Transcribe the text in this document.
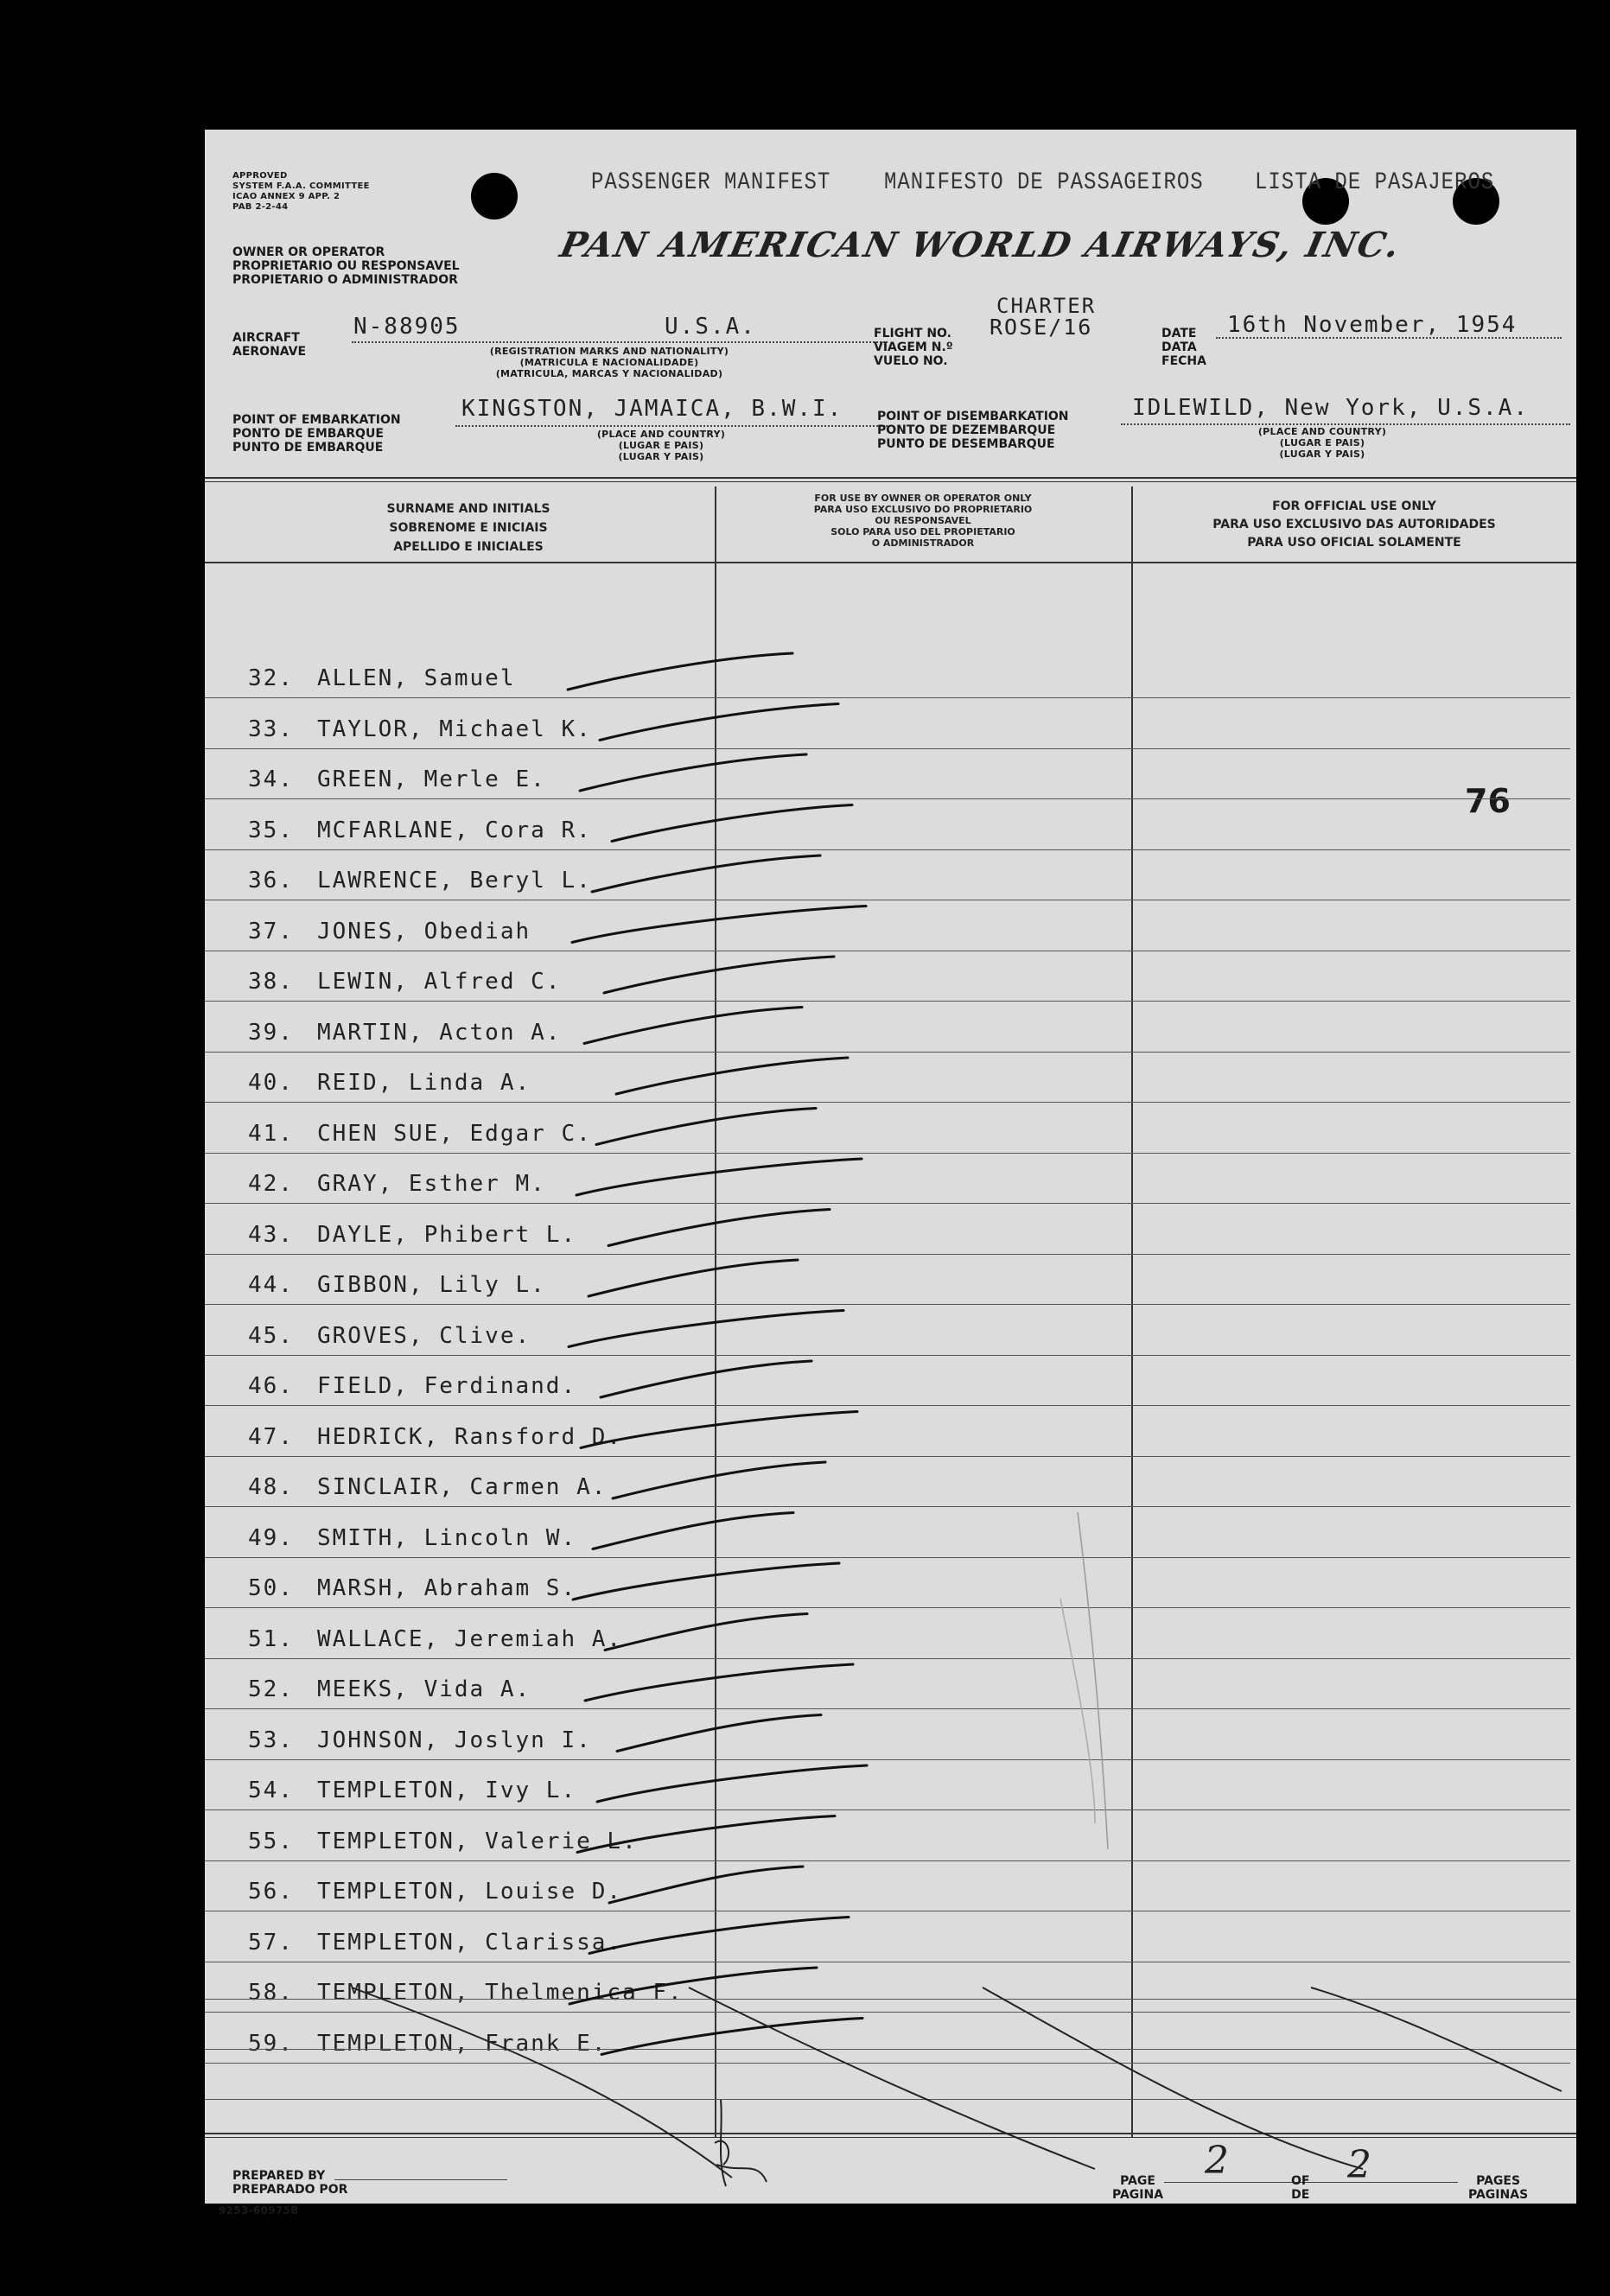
APPROVED
SYSTEM F.A.A. COMMITTEE
ICAO ANNEX 9 APP. 2
PAB 2-2-44
PASSENGER MANIFEST	MANIFESTO DE PASSAGEIROS LISTA DE PASAJEROS
OWNER OR OPERATOR
PROPRIETARIO OU RESPONSAVEL
PROPIETARIO O ADMINISTRADOR
PAN AMERICAN WORLD AIRWAYS, INC.
AIRCRAFT
AERONAVE
N-88905	U.S.A.
(REGISTRATION MARKS AND NATIONALITY)
(MATRICULA E NACIONALIDADE)
(MATRICULA, MARCAS Y NACIONALIDAD)
FLIGHT NO.
VIAGEM N.º
VUELO NO.
CHARTER
ROSE/16	DATE
DATA
FECHA
16th November, 1954
POINT OF EMBARKATION
PONTO DE EMBARQUE
PUNTO DE EMBARQUE
KINGSTON, JAMAICA, B.W.I.
(PLACE AND COUNTRY)
(LUGAR E PAIS)
(LUGAR Y PAIS)
POINT OF DISEMBARKATION
PONTO DE DEZEMBARQUE
PUNTO DE DESEMBARQUE
IDLEWILD, New York, U.S.A.
(PLACE AND COUNTRY)
(LUGAR E PAIS)
(LUGAR Y PAIS)
SURNAME AND INITIALS
SOBRENOME E INICIAIS
APELLIDO E INICIALES
FOR USE BY OWNER OR OPERATOR ONLY
PARA USO EXCLUSIVO DO PROPRIETARIO
OU RESPONSAVEL
SOLO PARA USO DEL PROPIETARIO
O ADMINISTRADOR
FOR OFFICIAL USE ONLY
PARA USO EXCLUSIVO DAS AUTORIDADES
PARA USO OFICIAL SOLAMENTE
76
32. ALLEN, Samuel
33. TAYLOR, Michael K.
34. GREEN, Merle E.
35. MCFARLANE, Cora R.
36. LAWRENCE, Beryl L.
37. JONES, Obediah
38. LEWIN, Alfred C.
39. MARTIN, Acton A.
40. REID, Linda A.
41. CHEN SUE, Edgar C.
42. GRAY, Esther M.
43. DAYLE, Phibert L.
44. GIBBON, Lily L.
45. GROVES, Clive.
46. FIELD, Ferdinand.
47. HEDRICK, Ransford D.
48. SINCLAIR, Carmen A.
49. SMITH, Lincoln W.
50. MARSH, Abraham S.
51. WALLACE, Jeremiah A.
52. MEEKS, Vida A.
53. JOHNSON, Joslyn I.
54. TEMPLETON, Ivy L.
55. TEMPLETON, Valerie L.
56. TEMPLETON, Louise D.
57. TEMPLETON, Clarissa.
58. TEMPLETON, Thelmenica F.
59. TEMPLETON, Frank E.
PREPARED BY
PREPARADO POR
9253-60975B
PAGE
PAGINA
2	OF
DE
2	PAGES
PAGINAS
